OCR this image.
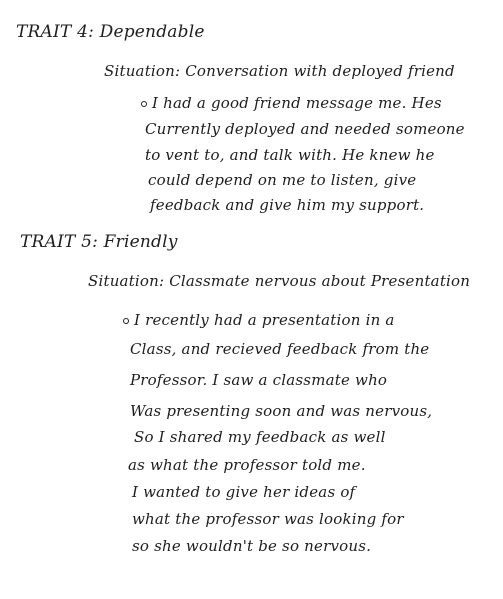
TRAIT 4: Dependable
Situation: Conversation with deployed friend
I had a good friend message me. Hes
Currently deployed and needed someone
to vent to, and talk with. He knew he
could depend on me to listen, give
feedback and give him my support.
TRAIT 5: Friendly
Situation: Classmate nervous about Presentation
I recently had a presentation in a
Class, and recieved feedback from the
Professor. I saw a classmate who
Was presenting soon and was nervous,
So I shared my feedback as well
as what the professor told me.
I wanted to give her ideas of
what the professor was looking for
so she wouldn't be so nervous.
